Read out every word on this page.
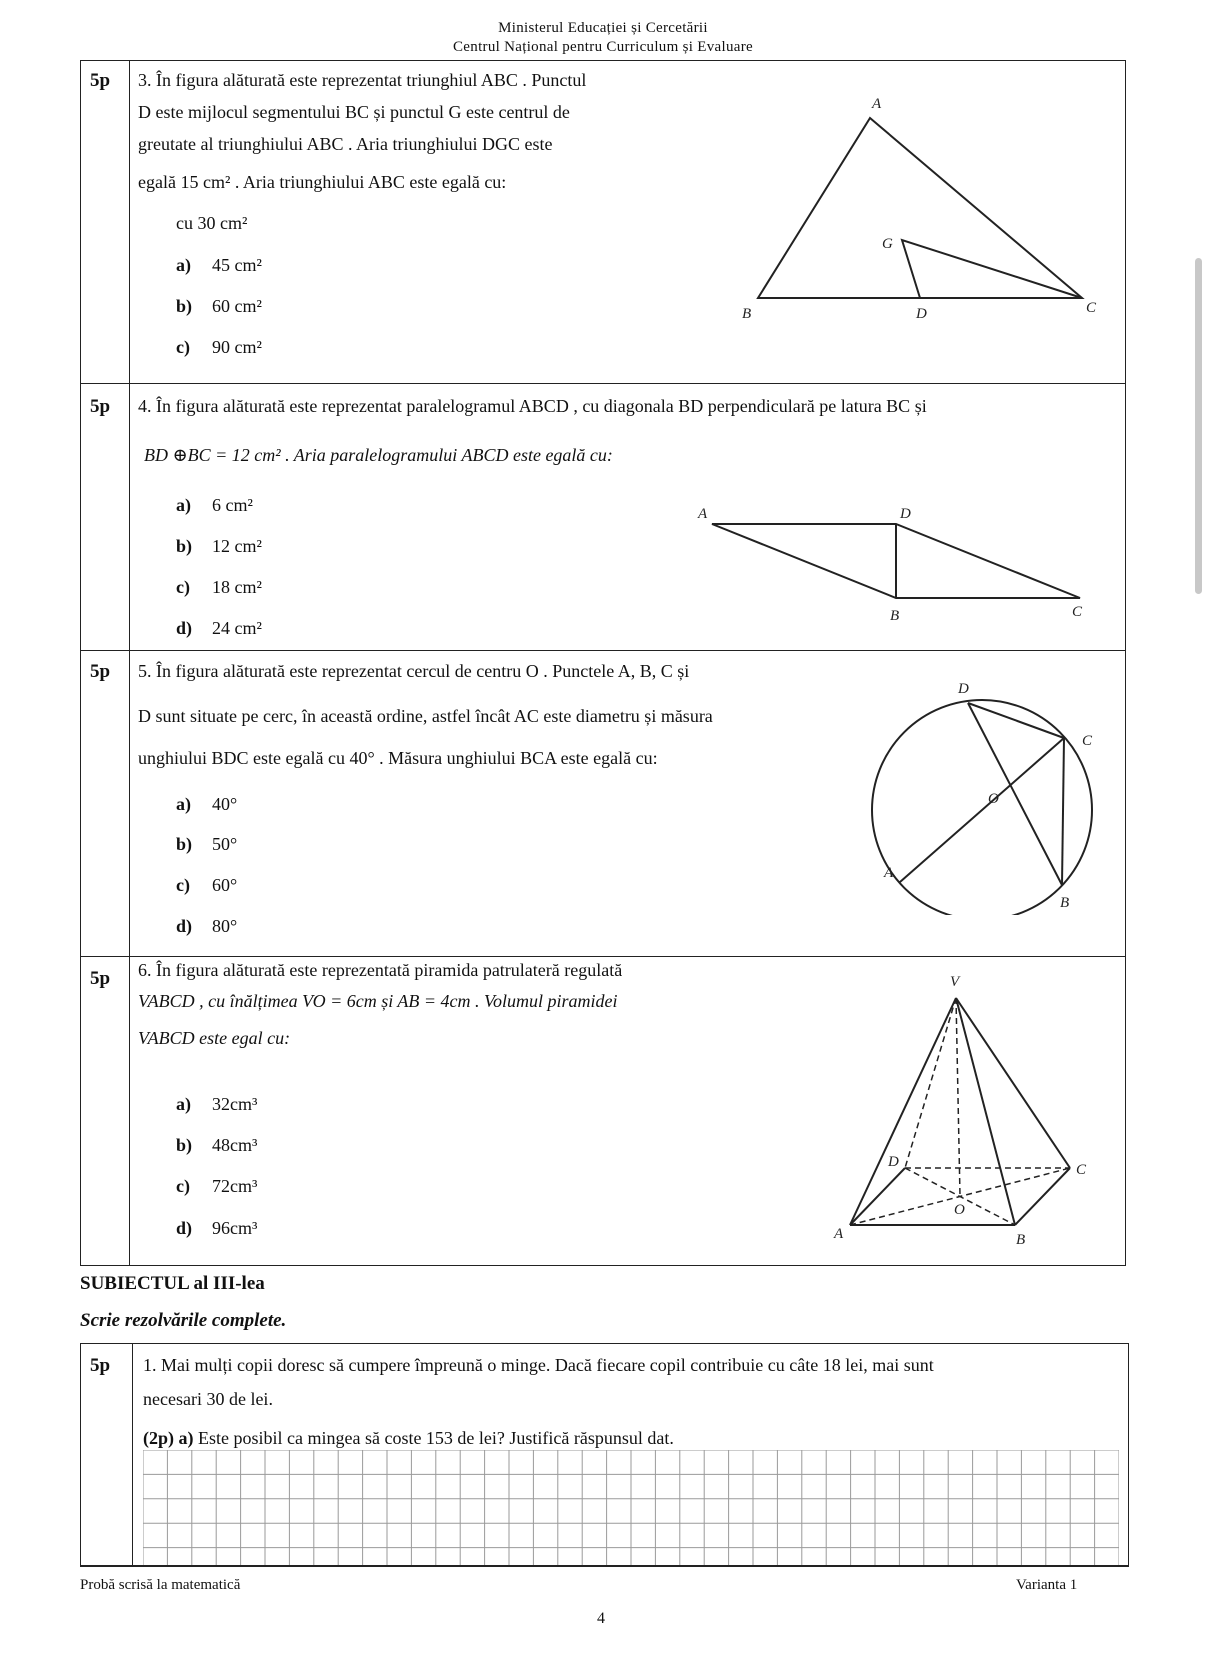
Ministerul Educației și Cercetării
Centrul Național pentru Curriculum și Evaluare
5p 3. În figura alăturată este reprezentat triunghiul ABC . Punctul
D este mijlocul segmentului BC și punctul G este centrul de
greutate al triunghiului ABC . Aria triunghiului DGC este
egală 15 cm² . Aria triunghiului ABC este egală cu:
cu 30 cm²
a) 45 cm²
b) 60 cm²
c) 90 cm²
A
B	C
D
G
5p 4. În figura alăturată este reprezentat paralelogramul ABCD , cu diagonala BD perpendiculară pe latura BC și
BD ⊕BC = 12 cm² . Aria paralelogramului ABCD este egală cu:
a) 6 cm²
b) 12 cm²
c) 18 cm²
d) 24 cm²
A	D
B	C
5p 5. În figura alăturată este reprezentat cercul de centru O . Punctele A, B, C și
D sunt situate pe cerc, în această ordine, astfel încât AC este diametru și măsura
unghiului BDC este egală cu 40° . Măsura unghiului BCA este egală cu:
a) 40°
b) 50°
c) 60°
d) 80°
D
C
O
A
B
5p 6. În figura alăturată este reprezentată piramida patrulateră regulată
VABCD , cu înălțimea VO = 6cm și AB = 4cm . Volumul piramidei
VABCD este egal cu:
a) 32cm³
b) 48cm³
c) 72cm³
d) 96cm³
V
D	C
O
A	B
SUBIECTUL al III-lea
Scrie rezolvările complete.
5p 1. Mai mulți copii doresc să cumpere împreună o minge. Dacă fiecare copil contribuie cu câte 18 lei, mai sunt
necesari 30 de lei.
(2p) a) Este posibil ca mingea să coste 153 de lei? Justifică răspunsul dat.
Probă scrisă la matematică	Varianta 1
4
